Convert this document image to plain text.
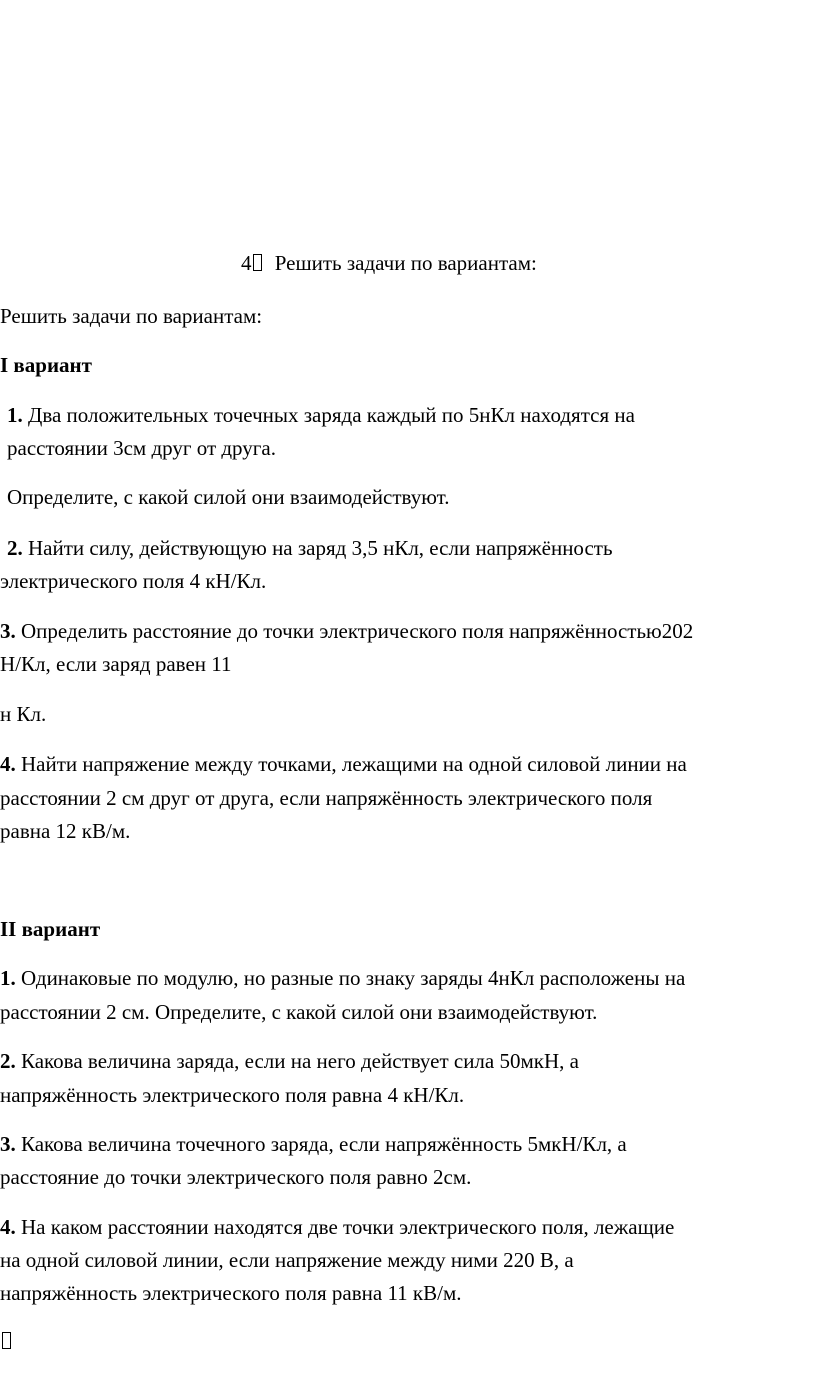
4 Решить задачи по вариантам:
Решить задачи по вариантам:
I вариант
1. Два положительных точечных заряда каждый по 5нКл находятся на
расстоянии 3см друг от друга.
Определите, с какой силой они взаимодействуют.
2. Найти силу, действующую на заряд 3,5 нКл, если напряжённость
электрического поля 4 кН/Кл.
3. Определить расстояние до точки электрического поля напряжённостью202
Н/Кл, если заряд равен 11
н Кл.
4. Найти напряжение между точками, лежащими на одной силовой линии на
расстоянии 2 см друг от друга, если напряжённость электрического поля
равна 12 кВ/м.
II вариант
1. Одинаковые по модулю, но разные по знаку заряды 4нКл расположены на
расстоянии 2 см. Определите, с какой силой они взаимодействуют.
2. Какова величина заряда, если на него действует сила 50мкН, а
напряжённость электрического поля равна 4 кН/Кл.
3. Какова величина точечного заряда, если напряжённость 5мкН/Кл, а
расстояние до точки электрического поля равно 2см.
4. На каком расстоянии находятся две точки электрического поля, лежащие
на одной силовой линии, если напряжение между ними 220 В, а
напряжённость электрического поля равна 11 кВ/м.
